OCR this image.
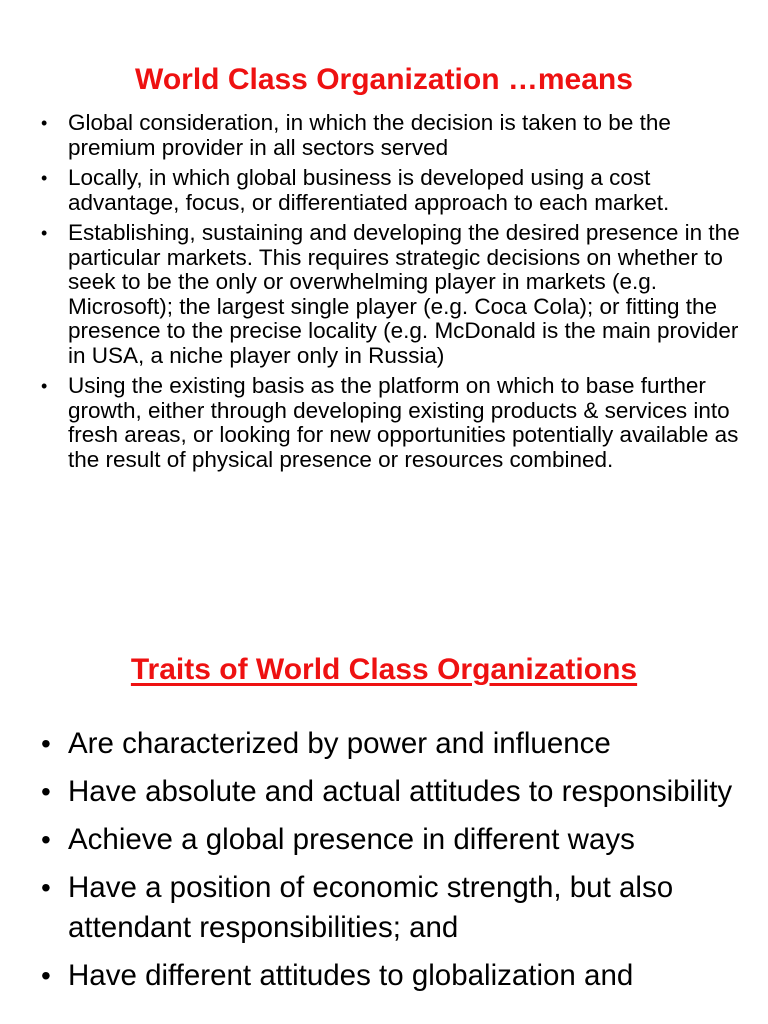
World Class Organization …means
• Global consideration, in which the decision is taken to be the premium provider in all sectors served
• Locally, in which global business is developed using a cost advantage, focus, or differentiated approach to each market.
• Establishing, sustaining and developing the desired presence in the particular markets. This requires strategic decisions on whether to seek to be the only or overwhelming player in markets (e.g. Microsoft); the largest single player (e.g. Coca Cola); or fitting the presence to the precise locality (e.g. McDonald is the main provider in USA, a niche player only in Russia)
• Using the existing basis as the platform on which to base further growth, either through developing existing products & services into fresh areas, or looking for new opportunities potentially available as the result of physical presence or resources combined.
Traits of World Class Organizations
• Are characterized by power and influence
• Have absolute and actual attitudes to responsibility
• Achieve a global presence in different ways
• Have a position of economic strength, but also attendant responsibilities; and
• Have different attitudes to globalization and
